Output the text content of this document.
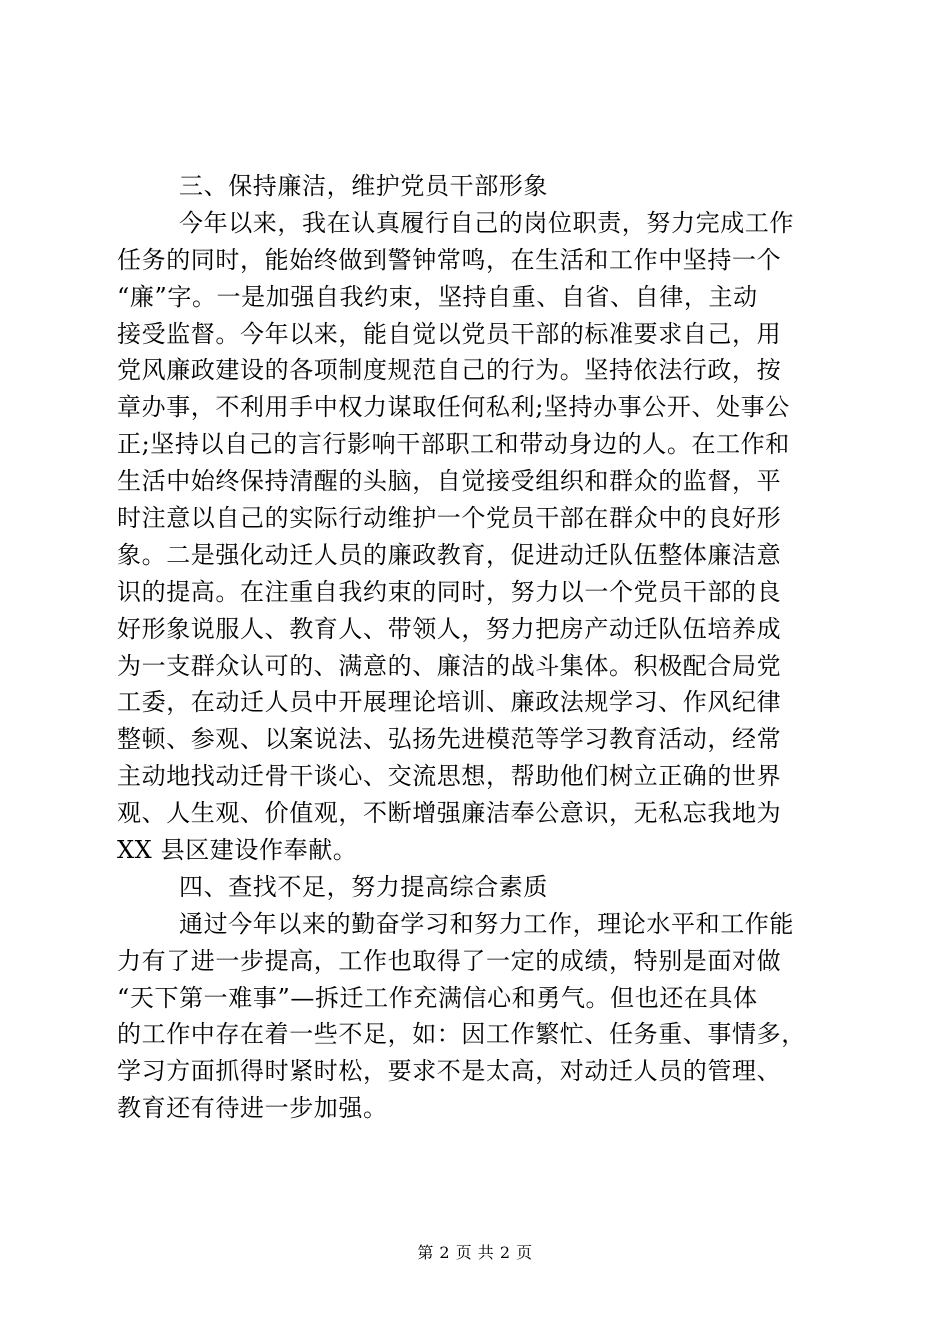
三、保持廉洁，维护党员干部形象
今年以来，我在认真履行自己的岗位职责，努力完成工作
任务的同时，能始终做到警钟常鸣，在生活和工作中坚持一个
“廉”字。一是加强自我约束，坚持自重、自省、自律，主动
接受监督。今年以来，能自觉以党员干部的标准要求自己，用
党风廉政建设的各项制度规范自己的行为。坚持依法行政，按
章办事，不利用手中权力谋取任何私利;坚持办事公开、处事公
正;坚持以自己的言行影响干部职工和带动身边的人。在工作和
生活中始终保持清醒的头脑，自觉接受组织和群众的监督，平
时注意以自己的实际行动维护一个党员干部在群众中的良好形
象。二是强化动迁人员的廉政教育，促进动迁队伍整体廉洁意
识的提高。在注重自我约束的同时，努力以一个党员干部的良
好形象说服人、教育人、带领人，努力把房产动迁队伍培养成
为一支群众认可的、满意的、廉洁的战斗集体。积极配合局党
工委，在动迁人员中开展理论培训、廉政法规学习、作风纪律
整顿、参观、以案说法、弘扬先进模范等学习教育活动，经常
主动地找动迁骨干谈心、交流思想，帮助他们树立正确的世界
观、人生观、价值观，不断增强廉洁奉公意识，无私忘我地为
XX 县区建设作奉献。
四、查找不足，努力提高综合素质
通过今年以来的勤奋学习和努力工作，理论水平和工作能
力有了进一步提高，工作也取得了一定的成绩，特别是面对做
“天下第一难事”—拆迁工作充满信心和勇气。但也还在具体
的工作中存在着一些不足，如：因工作繁忙、任务重、事情多，
学习方面抓得时紧时松，要求不是太高，对动迁人员的管理、
教育还有待进一步加强。
第 2 页 共 2 页
